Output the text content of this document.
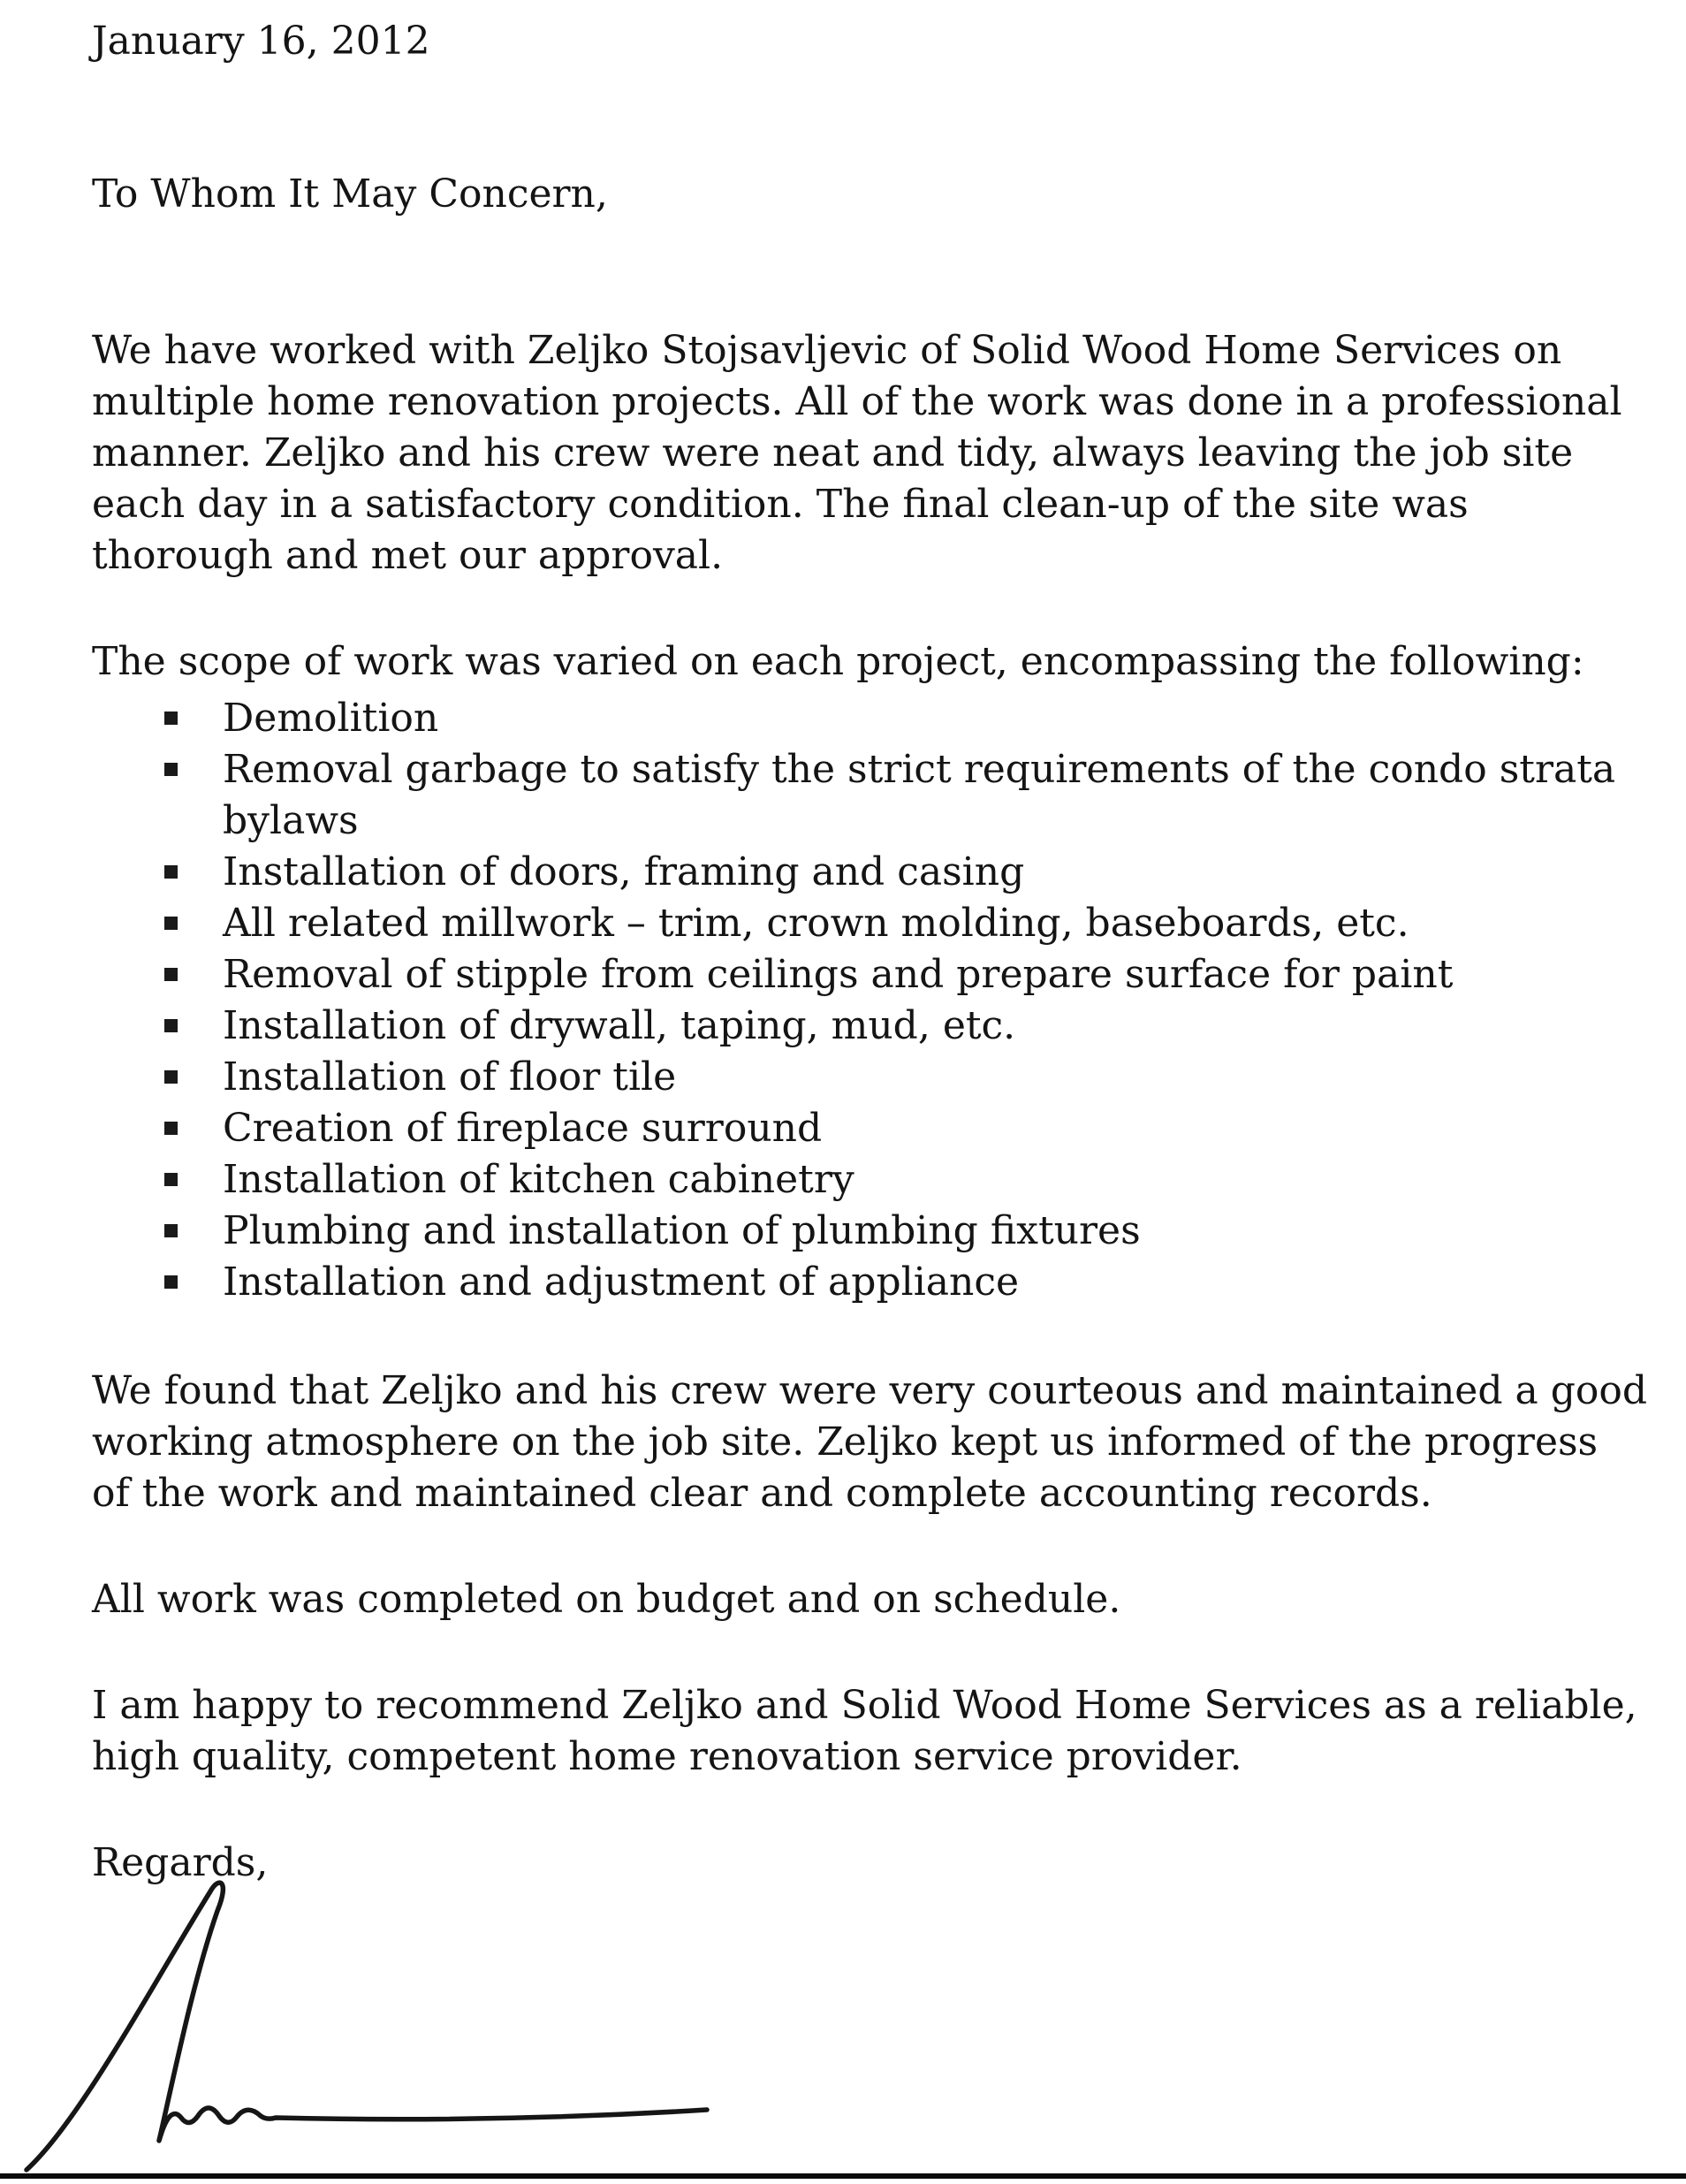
January 16, 2012

To Whom It May Concern,

We have worked with Zeljko Stojsavljevic of Solid Wood Home Services on multiple home renovation projects. All of the work was done in a professional manner. Zeljko and his crew were neat and tidy, always leaving the job site each day in a satisfactory condition. The final clean-up of the site was thorough and met our approval.

The scope of work was varied on each project, encompassing the following:

Demolition
Removal garbage to satisfy the strict requirements of the condo strata bylaws
Installation of doors, framing and casing
All related millwork – trim, crown molding, baseboards, etc.
Removal of stipple from ceilings and prepare surface for paint
Installation of drywall, taping, mud, etc.
Installation of floor tile
Creation of fireplace surround
Installation of kitchen cabinetry
Plumbing and installation of plumbing fixtures
Installation and adjustment of appliance

We found that Zeljko and his crew were very courteous and maintained a good working atmosphere on the job site. Zeljko kept us informed of the progress of the work and maintained clear and complete accounting records.

All work was completed on budget and on schedule.

I am happy to recommend Zeljko and Solid Wood Home Services as a reliable, high quality, competent home renovation service provider.

Regards,
